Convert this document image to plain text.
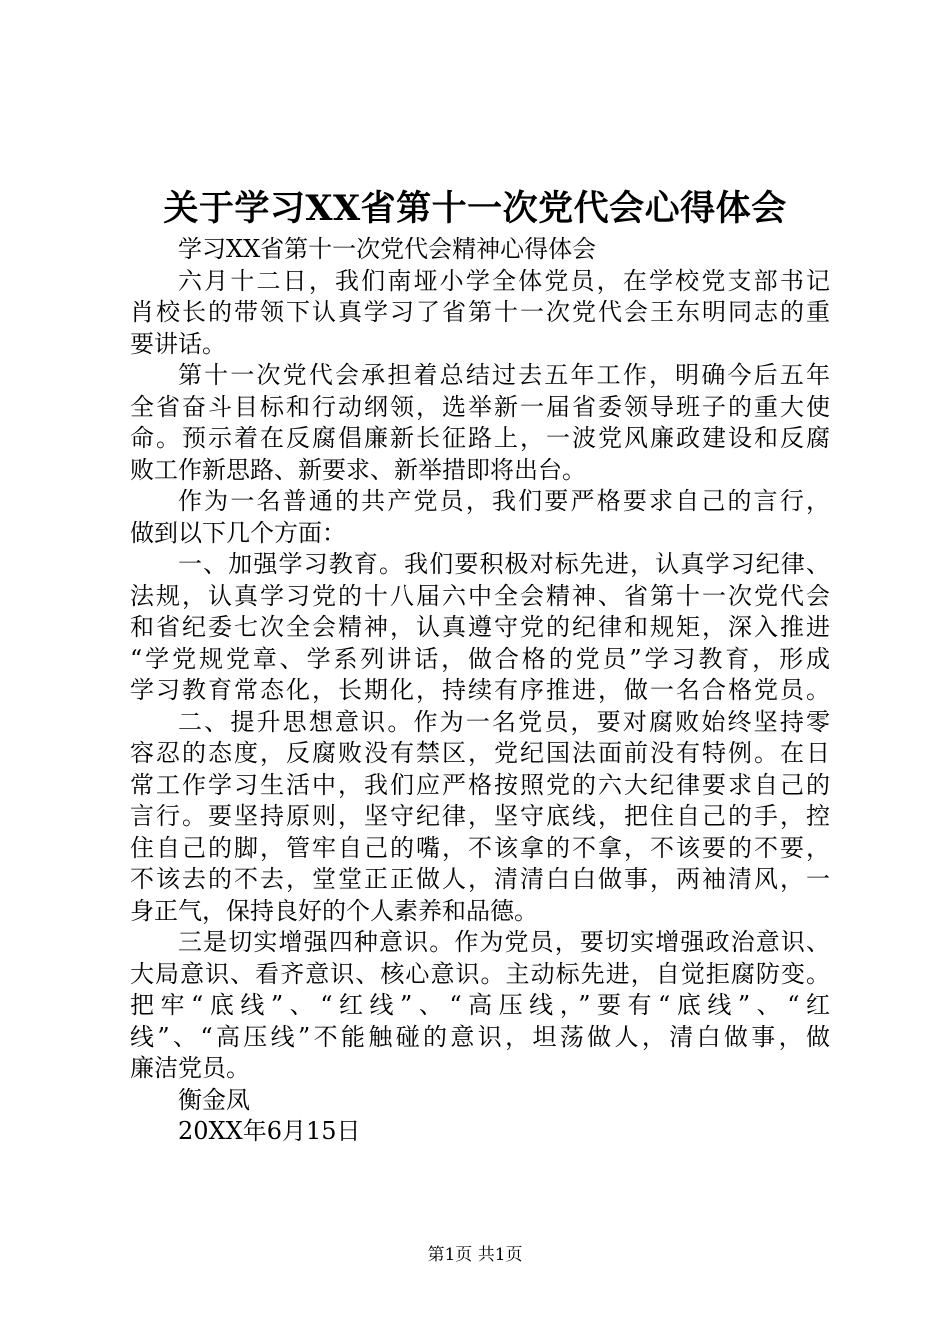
关于学习XX省第十一次党代会心得体会
学习XX省第十一次党代会精神心得体会
六月十二日，我们南垭小学全体党员，在学校党支部书记
肖校长的带领下认真学习了省第十一次党代会王东明同志的重
要讲话。
第十一次党代会承担着总结过去五年工作，明确今后五年
全省奋斗目标和行动纲领，选举新一届省委领导班子的重大使
命。预示着在反腐倡廉新长征路上，一波党风廉政建设和反腐
败工作新思路、新要求、新举措即将出台。
作为一名普通的共产党员，我们要严格要求自己的言行，
做到以下几个方面：
一、加强学习教育。我们要积极对标先进，认真学习纪律、
法规，认真学习党的十八届六中全会精神、省第十一次党代会
和省纪委七次全会精神，认真遵守党的纪律和规矩，深入推进
“学党规党章、学系列讲话，做合格的党员”学习教育，形成
学习教育常态化，长期化，持续有序推进，做一名合格党员。
二、提升思想意识。作为一名党员，要对腐败始终坚持零
容忍的态度，反腐败没有禁区，党纪国法面前没有特例。在日
常工作学习生活中，我们应严格按照党的六大纪律要求自己的
言行。要坚持原则，坚守纪律，坚守底线，把住自己的手，控
住自己的脚，管牢自己的嘴，不该拿的不拿，不该要的不要，
不该去的不去，堂堂正正做人，清清白白做事，两袖清风，一
身正气，保持良好的个人素养和品德。
三是切实增强四种意识。作为党员，要切实增强政治意识、
大局意识、看齐意识、核心意识。主动标先进，自觉拒腐防变。
把牢“底线”、“红线”、“高压线，”要有“底线”、“红
线”、“高压线”不能触碰的意识，坦荡做人，清白做事，做
廉洁党员。
衡金凤
20XX年6月15日
第1页 共1页
